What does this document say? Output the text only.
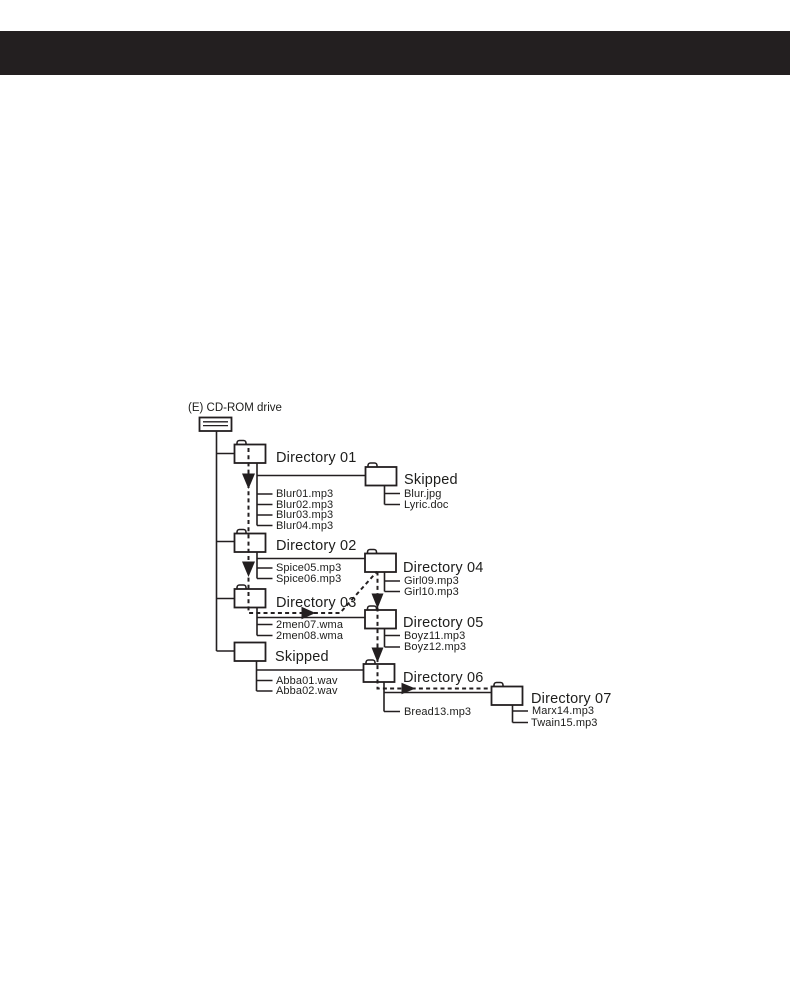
(E) CD-ROM drive
Directory 01
Skipped
Directory 02
Directory 04
Directory 03
Directory 05
Skipped
Directory 06
Directory 07
Blur01.mp3
Blur02.mp3
Blur03.mp3
Blur04.mp3
Blur.jpg
Lyric.doc
Spice05.mp3
Spice06.mp3	Girl09.mp3
Girl10.mp3
2men07.wma
2men08.wma	Boyz11.mp3
Boyz12.mp3
Abba01.wav
Abba02.wav
Bread13.mp3	Marx14.mp3
Twain15.mp3
